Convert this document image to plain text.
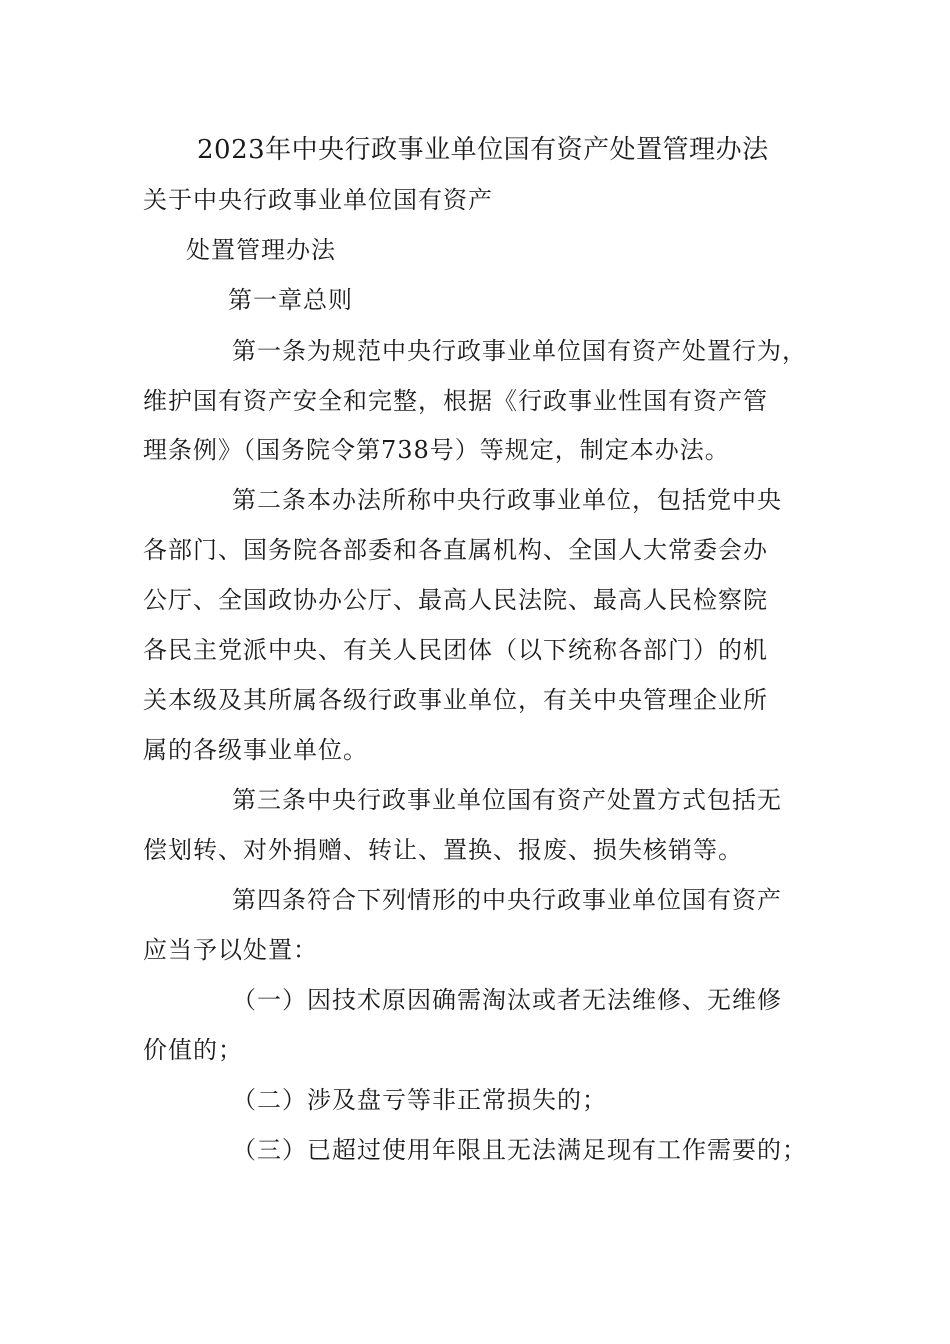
2023年中央行政事业单位国有资产处置管理办法

关于中央行政事业单位国有资产

处置管理办法

第一章总则

第一条为规范中央行政事业单位国有资产处置行为，

维护国有资产安全和完整，根据《行政事业性国有资产管

理条例》（国务院令第738号）等规定，制定本办法。

第二条本办法所称中央行政事业单位，包括党中央

各部门、国务院各部委和各直属机构、全国人大常委会办

公厅、全国政协办公厅、最高人民法院、最高人民检察院

各民主党派中央、有关人民团体（以下统称各部门）的机

关本级及其所属各级行政事业单位，有关中央管理企业所

属的各级事业单位。

第三条中央行政事业单位国有资产处置方式包括无

偿划转、对外捐赠、转让、置换、报废、损失核销等。

第四条符合下列情形的中央行政事业单位国有资产

应当予以处置：

（一）因技术原因确需淘汰或者无法维修、无维修

价值的；

（二）涉及盘亏等非正常损失的；

（三）已超过使用年限且无法满足现有工作需要的；
